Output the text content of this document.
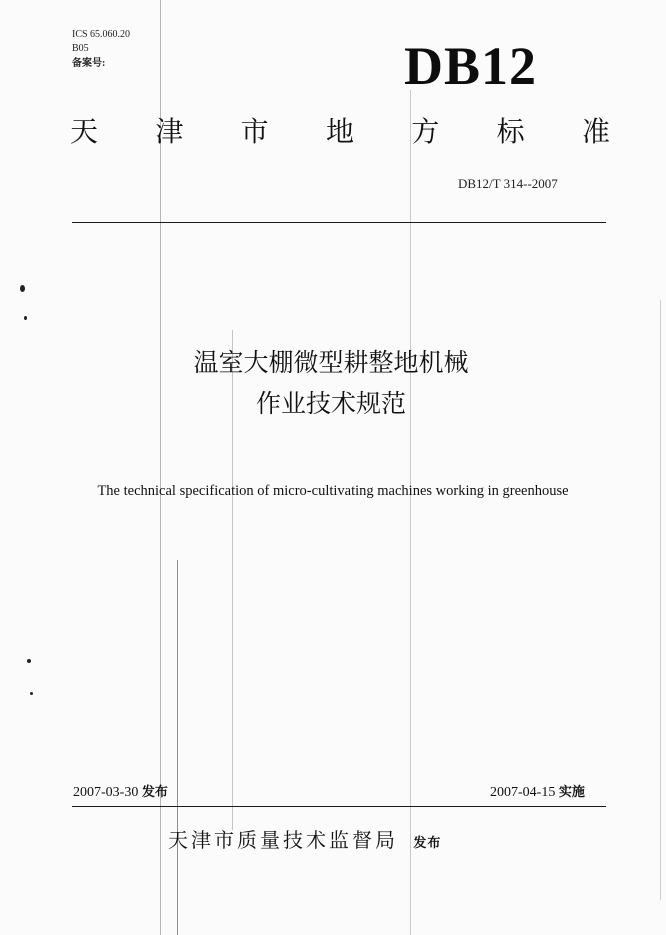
ICS 65.060.20
B05
备案号:	DB12
天 津 市 地 方 标 准
DB12/T 314--2007
温室大棚微型耕整地机械
作业技术规范
The technical specification of micro-cultivating machines working in greenhouse
2007-03-30 发布	2007-04-15 实施
天津市质量技术监督局 发布
